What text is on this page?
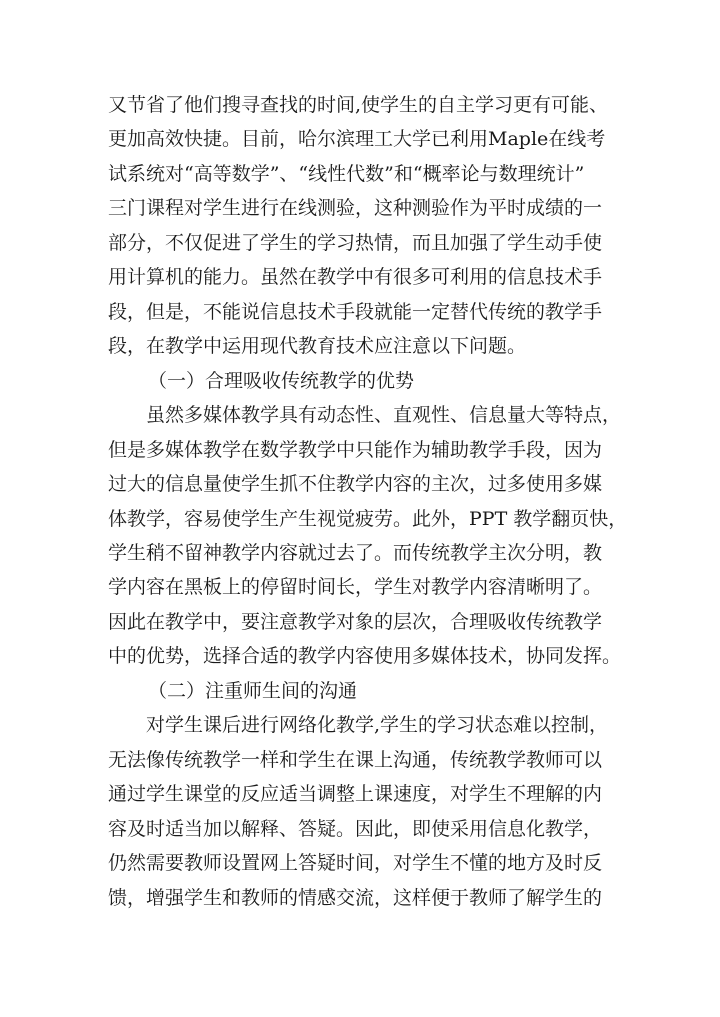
又节省了他们搜寻查找的时间,使学生的自主学习更有可能、
更加高效快捷。目前，哈尔滨理工大学已利用Maple在线考
试系统对“高等数学”、“线性代数”和“概率论与数理统计”
三门课程对学生进行在线测验，这种测验作为平时成绩的一
部分，不仅促进了学生的学习热情，而且加强了学生动手使
用计算机的能力。虽然在教学中有很多可利用的信息技术手
段，但是，不能说信息技术手段就能一定替代传统的教学手
段，在教学中运用现代教育技术应注意以下问题。
（一）合理吸收传统教学的优势
虽然多媒体教学具有动态性、直观性、信息量大等特点，
但是多媒体教学在数学教学中只能作为辅助教学手段，因为
过大的信息量使学生抓不住教学内容的主次，过多使用多媒
体教学，容易使学生产生视觉疲劳。此外，PPT 教学翻页快，
学生稍不留神教学内容就过去了。而传统教学主次分明，教
学内容在黑板上的停留时间长，学生对教学内容清晰明了。
因此在教学中，要注意教学对象的层次，合理吸收传统教学
中的优势，选择合适的教学内容使用多媒体技术，协同发挥。
（二）注重师生间的沟通
对学生课后进行网络化教学,学生的学习状态难以控制，
无法像传统教学一样和学生在课上沟通，传统教学教师可以
通过学生课堂的反应适当调整上课速度，对学生不理解的内
容及时适当加以解释、答疑。因此，即使采用信息化教学，
仍然需要教师设置网上答疑时间，对学生不懂的地方及时反
馈，增强学生和教师的情感交流，这样便于教师了解学生的
